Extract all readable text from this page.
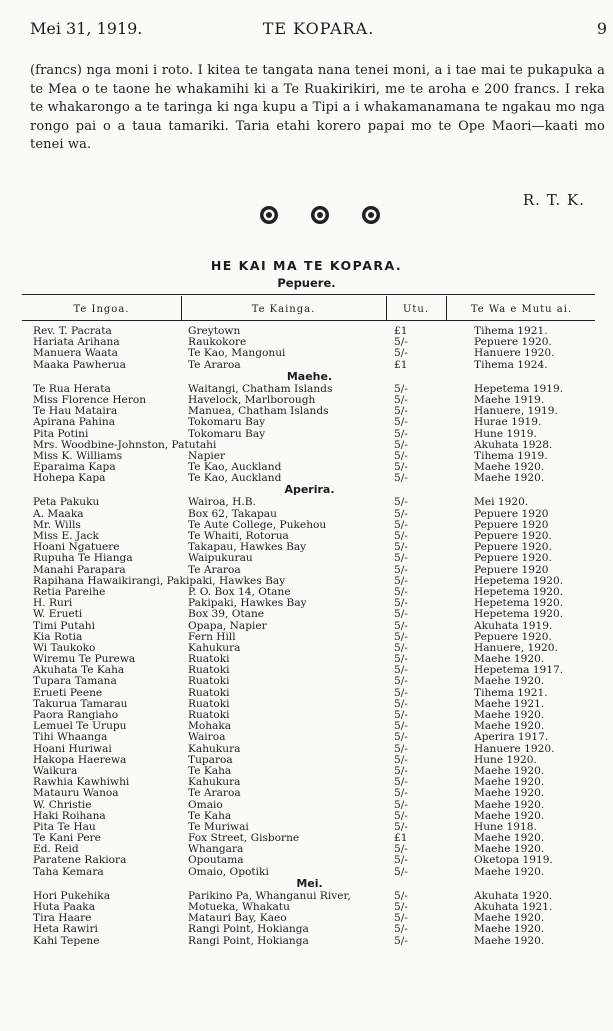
Mei 31, 1919.	TE KOPARA.	9
(francs) nga moni i roto. I kitea te tangata nana tenei moni, a i tae mai te pukapuka a te Mea o te taone he whakamihi ki a Te Ruakirikiri, me te aroha e 200 francs. I reka te whakarongo a te taringa ki nga kupu a Tipi a i whakamanamana te ngakau mo nga rongo pai o a taua tamariki. Taria etahi korero papai mo te Ope Maori—kaati mo tenei wa.
R. T. K.
HE KAI MA TE KOPARA.
Pepuere.
Te Ingoa.	Te Kainga.	Utu.	Te Wa e Mutu ai.
Rev. T. Pacrata	Greytown	£1	Tihema 1921.
Hariata Arihana	Raukokore	5/-	Pepuere 1920.
Manuera Waata	Te Kao, Mangonui	5/-	Hanuere 1920.
Maaka Pawherua	Te Araroa	£1	Tihema 1924.
Maehe.
Te Rua Herata	Waitangi, Chatham Islands	5/-	Hepetema 1919.
Miss Florence Heron	Havelock, Marlborough	5/-	Maehe 1919.
Te Hau Mataira	Manuea, Chatham Islands	5/-	Hanuere, 1919.
Apirana Pahina	Tokomaru Bay	5/-	Hurae 1919.
Pita Potini	Tokomaru Bay	5/-	Hune 1919.
Mrs. Woodbine-Johnston, Patutahi	5/-	Akuhata 1928.
Miss K. Williams	Napier	5/-	Tihema 1919.
Eparaima Kapa	Te Kao, Auckland	5/-	Maehe 1920.
Hohepa Kapa	Te Kao, Auckland	5/-	Maehe 1920.
Aperira.
Peta Pakuku	Wairoa, H.B.	5/-	Mei 1920.
A. Maaka	Box 62, Takapau	5/-	Pepuere 1920
Mr. Wills	Te Aute College, Pukehou	5/-	Pepuere 1920
Miss E. Jack	Te Whaiti, Rotorua	5/-	Pepuere 1920.
Hoani Ngatuere	Takapau, Hawkes Bay	5/-	Pepuere 1920.
Rupuha Te Hianga	Waipukurau	5/-	Pepuere 1920.
Manahi Parapara	Te Araroa	5/-	Pepuere 1920
Rapihana Hawaikirangi, Pakipaki, Hawkes Bay	5/-	Hepetema 1920.
Retia Pareihe	P. O. Box 14, Otane	5/-	Hepetema 1920.
H. Ruri	Pakipaki, Hawkes Bay	5/-	Hepetema 1920.
W. Erueti	Box 39, Otane	5/-	Hepetema 1920.
Timi Putahi	Opapa, Napier	5/-	Akuhata 1919.
Kia Rotia	Fern Hill	5/-	Pepuere 1920.
Wi Taukoko	Kahukura	5/-	Hanuere, 1920.
Wiremu Te Purewa	Ruatoki	5/-	Maehe 1920.
Akuhata Te Kaha	Ruatoki	5/-	Hepetema 1917.
Tupara Tamana	Ruatoki	5/-	Maehe 1920.
Erueti Peene	Ruatoki	5/-	Tihema 1921.
Takurua Tamarau	Ruatoki	5/-	Maehe 1921.
Paora Rangiaho	Ruatoki	5/-	Maehe 1920.
Lemuel Te Urupu	Mohaka	5/-	Maehe 1920.
Tihi Whaanga	Wairoa	5/-	Aperira 1917.
Hoani Huriwai	Kahukura	5/-	Hanuere 1920.
Hakopa Haerewa	Tuparoa	5/-	Hune 1920.
Waikura	Te Kaha	5/-	Maehe 1920.
Rawhia Kawhiwhi	Kahukura	5/-	Maehe 1920.
Matauru Wanoa	Te Araroa	5/-	Maehe 1920.
W. Christie	Omaio	5/-	Maehe 1920.
Haki Roihana	Te Kaha	5/-	Maehe 1920.
Pita Te Hau	Te Muriwai	5/-	Hune 1918.
Te Kani Pere	Fox Street, Gisborne	£1	Maehe 1920.
Ed. Reid	Whangara	5/-	Maehe 1920.
Paratene Rakiora	Opoutama	5/-	Oketopa 1919.
Taha Kemara	Omaio, Opotiki	5/-	Maehe 1920.
Mei.
Hori Pukehika	Parikino Pa, Whanganui River,	5/-	Akuhata 1920.
Huta Paaka	Motueka, Whakatu	5/-	Akuhata 1921.
Tira Haare	Matauri Bay, Kaeo	5/-	Maehe 1920.
Heta Rawiri	Rangi Point, Hokianga	5/-	Maehe 1920.
Kahi Tepene	Rangi Point, Hokianga	5/-	Maehe 1920.
